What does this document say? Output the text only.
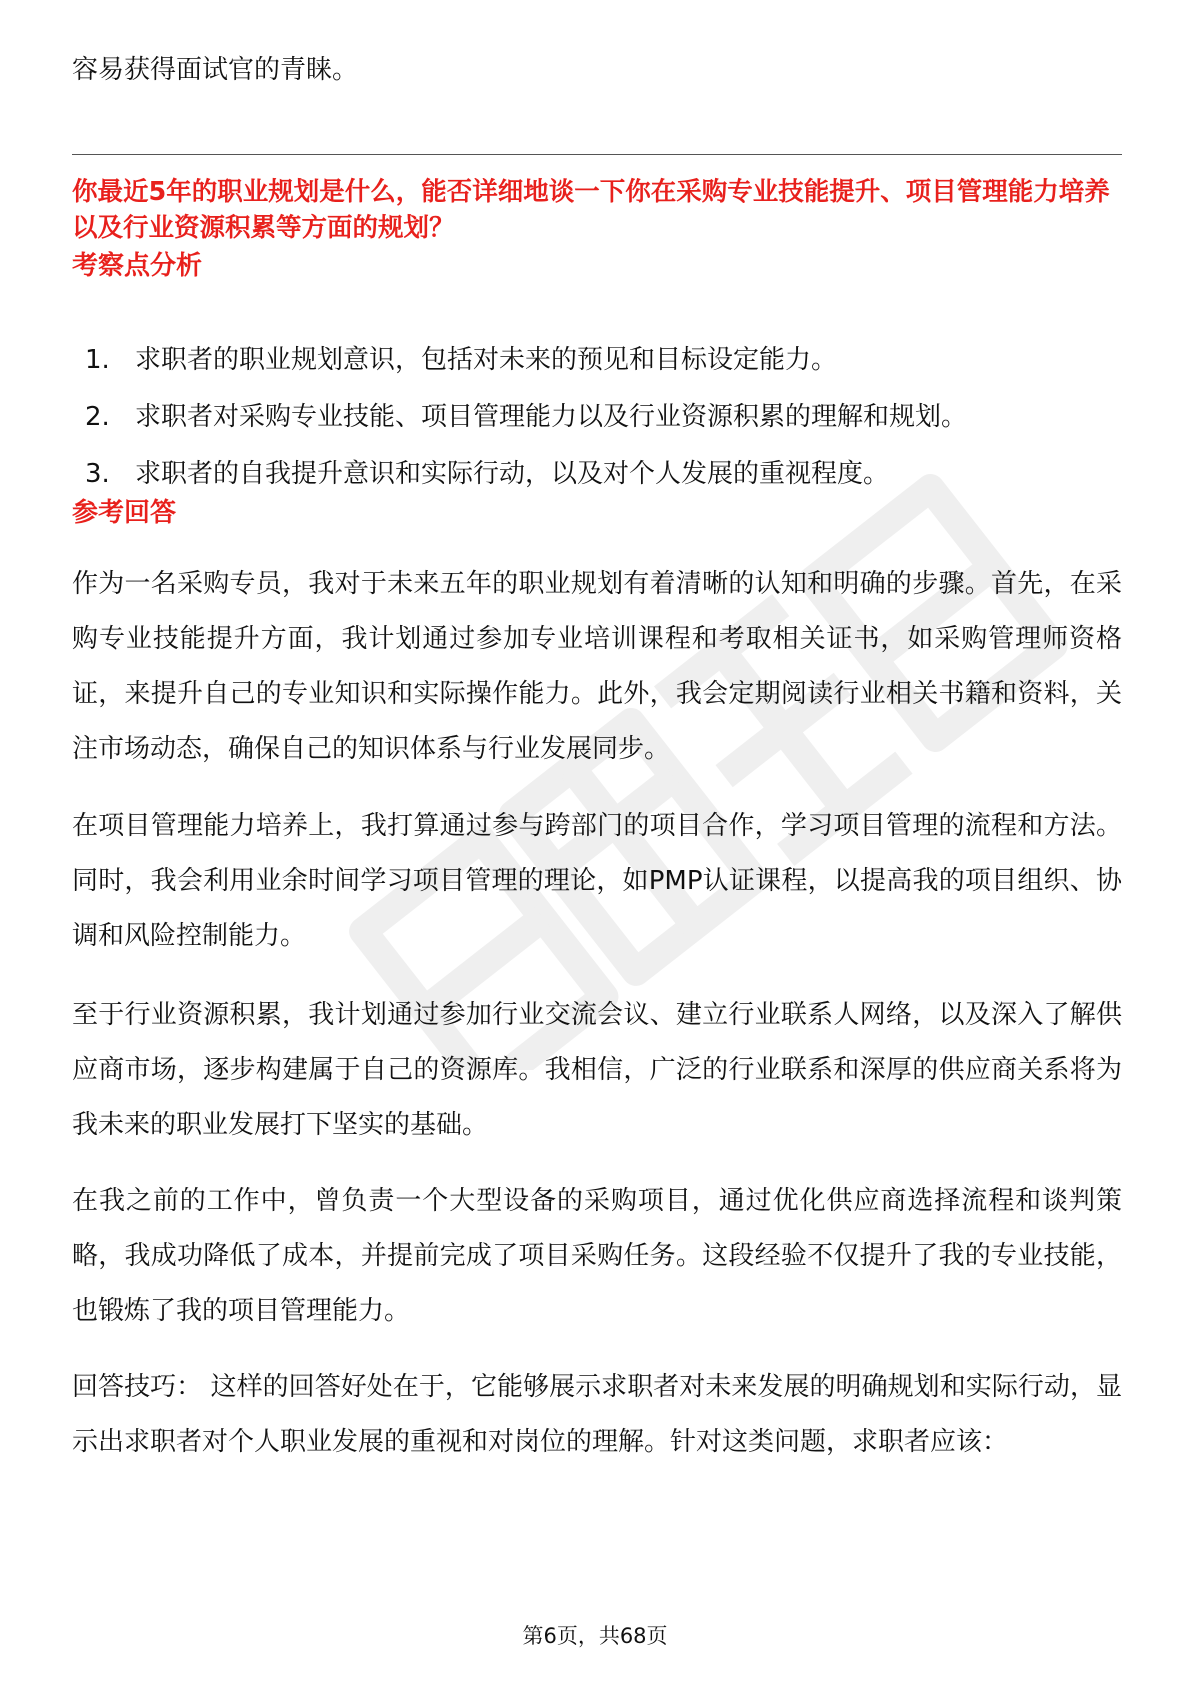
容易获得面试官的青睐。

你最近5年的职业规划是什么，能否详细地谈一下你在采购专业技能提升、项目管理能力培养以及行业资源积累等方面的规划？

考察点分析

1. 求职者的职业规划意识，包括对未来的预见和目标设定能力。
2. 求职者对采购专业技能、项目管理能力以及行业资源积累的理解和规划。
3. 求职者的自我提升意识和实际行动，以及对个人发展的重视程度。

参考回答

作为一名采购专员，我对于未来五年的职业规划有着清晰的认知和明确的步骤。首先，在采购专业技能提升方面，我计划通过参加专业培训课程和考取相关证书，如采购管理师资格证，来提升自己的专业知识和实际操作能力。此外，我会定期阅读行业相关书籍和资料，关注市场动态，确保自己的知识体系与行业发展同步。

在项目管理能力培养上，我打算通过参与跨部门的项目合作，学习项目管理的流程和方法。同时，我会利用业余时间学习项目管理的理论，如PMP认证课程，以提高我的项目组织、协调和风险控制能力。

至于行业资源积累，我计划通过参加行业交流会议、建立行业联系人网络，以及深入了解供应商市场，逐步构建属于自己的资源库。我相信，广泛的行业联系和深厚的供应商关系将为我未来的职业发展打下坚实的基础。

在我之前的工作中，曾负责一个大型设备的采购项目，通过优化供应商选择流程和谈判策略，我成功降低了成本，并提前完成了项目采购任务。这段经验不仅提升了我的专业技能，也锻炼了我的项目管理能力。

回答技巧： 这样的回答好处在于，它能够展示求职者对未来发展的明确规划和实际行动，显示出求职者对个人职业发展的重视和对岗位的理解。针对这类问题，求职者应该：

第6页，共68页
